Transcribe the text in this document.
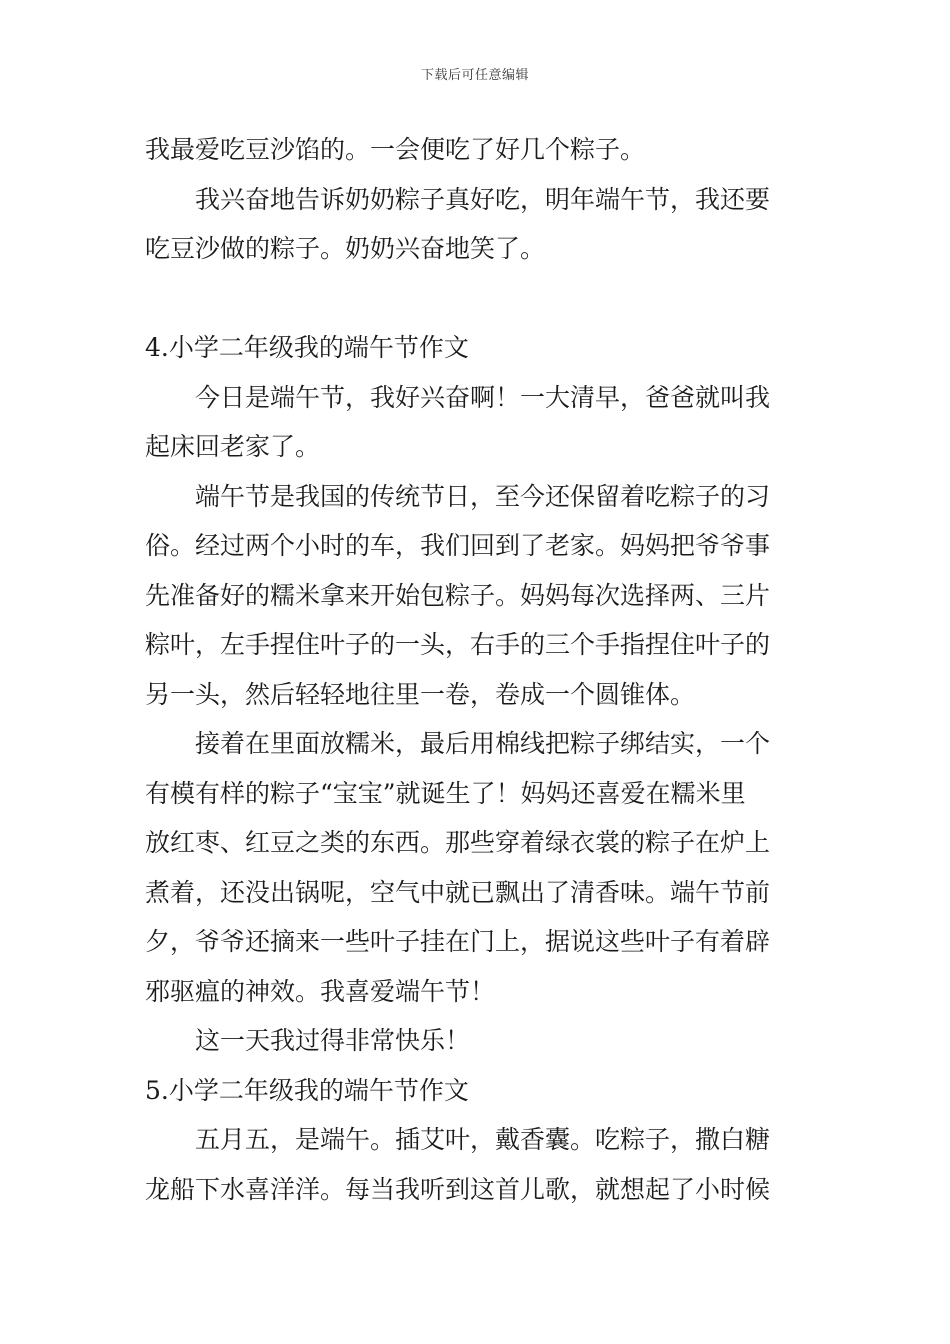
下载后可任意编辑
我最爱吃豆沙馅的。一会便吃了好几个粽子。
我兴奋地告诉奶奶粽子真好吃，明年端午节，我还要
吃豆沙做的粽子。奶奶兴奋地笑了。
4.小学二年级我的端午节作文
今日是端午节，我好兴奋啊！一大清早，爸爸就叫我
起床回老家了。
端午节是我国的传统节日，至今还保留着吃粽子的习
俗。经过两个小时的车，我们回到了老家。妈妈把爷爷事
先准备好的糯米拿来开始包粽子。妈妈每次选择两、三片
粽叶，左手捏住叶子的一头，右手的三个手指捏住叶子的
另一头，然后轻轻地往里一卷，卷成一个圆锥体。
接着在里面放糯米，最后用棉线把粽子绑结实，一个
有模有样的粽子“宝宝”就诞生了！妈妈还喜爱在糯米里
放红枣、红豆之类的东西。那些穿着绿衣裳的粽子在炉上
煮着，还没出锅呢，空气中就已飘出了清香味。端午节前
夕，爷爷还摘来一些叶子挂在门上，据说这些叶子有着辟
邪驱瘟的神效。我喜爱端午节！
这一天我过得非常快乐！
5.小学二年级我的端午节作文
五月五，是端午。插艾叶，戴香囊。吃粽子，撒白糖
龙船下水喜洋洋。每当我听到这首儿歌，就想起了小时候
